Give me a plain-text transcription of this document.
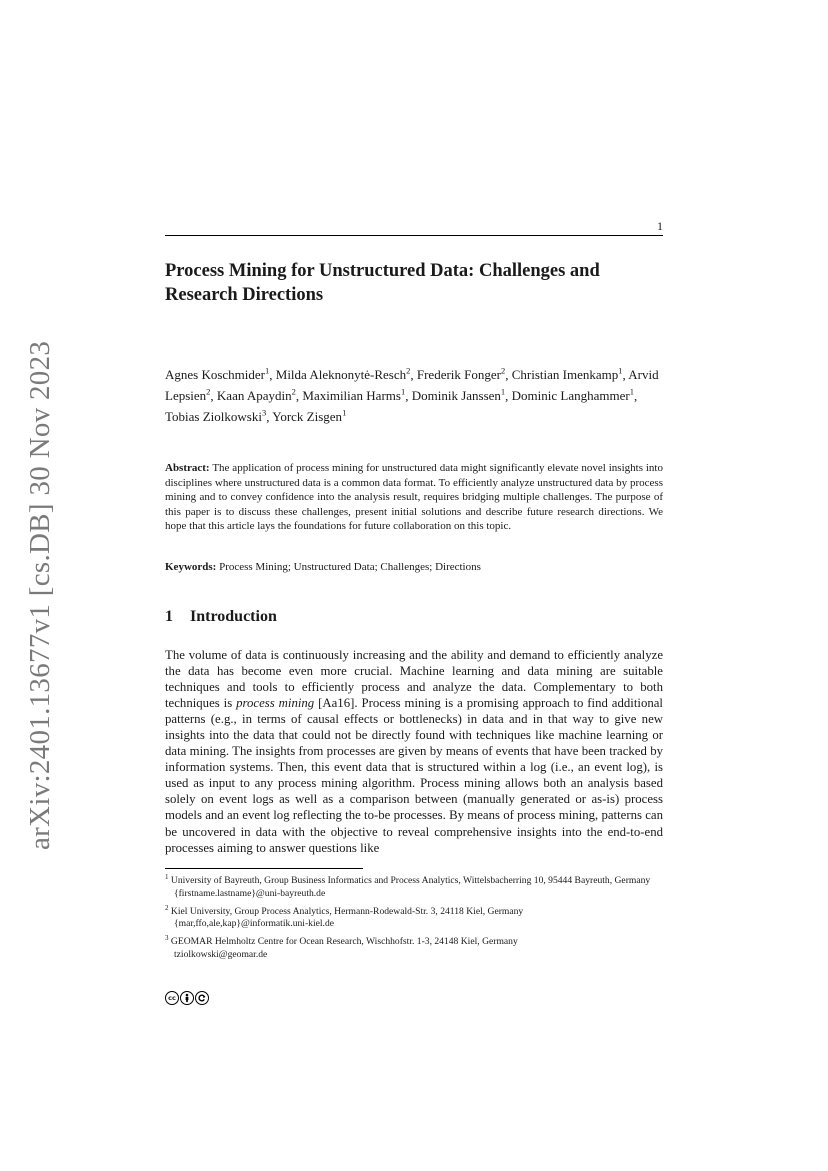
arXiv:2401.13677v1 [cs.DB] 30 Nov 2023
1
Process Mining for Unstructured Data: Challenges and Research Directions

Agnes Koschmider$^1$, Milda Aleknonytė-Resch$^2$, Frederik Fonger$^2$, Christian Imenkamp$^1$, Arvid Lepsien$^2$, Kaan Apaydin$^2$, Maximilian Harms$^1$, Dominik Janssen$^1$, Dominic Langhammer$^1$, Tobias Ziolkowski$^3$, Yorck Zisgen$^1$

Abstract: The application of process mining for unstructured data might significantly elevate novel insights into disciplines where unstructured data is a common data format. To efficiently analyze unstructured data by process mining and to convey confidence into the analysis result, requires bridging multiple challenges. The purpose of this paper is to discuss these challenges, present initial solutions and describe future research directions. We hope that this article lays the foundations for future collaboration on this topic.

Keywords: Process Mining; Unstructured Data; Challenges; Directions

1 Introduction

The volume of data is continuously increasing and the ability and demand to efficiently analyze the data has become even more crucial. Machine learning and data mining are suitable techniques and tools to efficiently process and analyze the data. Complementary to both techniques is process mining [Aa16]. Process mining is a promising approach to find additional patterns (e.g., in terms of causal effects or bottlenecks) in data and in that way to give new insights into the data that could not be directly found with techniques like machine learning or data mining. The insights from processes are given by means of events that have been tracked by information systems. Then, this event data that is structured within a log (i.e., an event log), is used as input to any process mining algorithm. Process mining allows both an analysis based solely on event logs as well as a comparison between (manually generated or as-is) process models and an event log reflecting the to-be processes. By means of process mining, patterns can be uncovered in data with the objective to reveal comprehensive insights into the end-to-end processes aiming to answer questions like

$^1$ University of Bayreuth, Group Business Informatics and Process Analytics, Wittelsbacherring 10, 95444 Bayreuth, Germany
{firstname.lastname}@uni-bayreuth.de

$^2$ Kiel University, Group Process Analytics, Hermann-Rodewald-Str. 3, 24118 Kiel, Germany
{mar,ffo,ale,kap}@informatik.uni-kiel.de

$^3$ GEOMAR Helmholtz Centre for Ocean Research, Wischhofstr. 1-3, 24148 Kiel, Germany
tziolkowski@geomar.de

cc
